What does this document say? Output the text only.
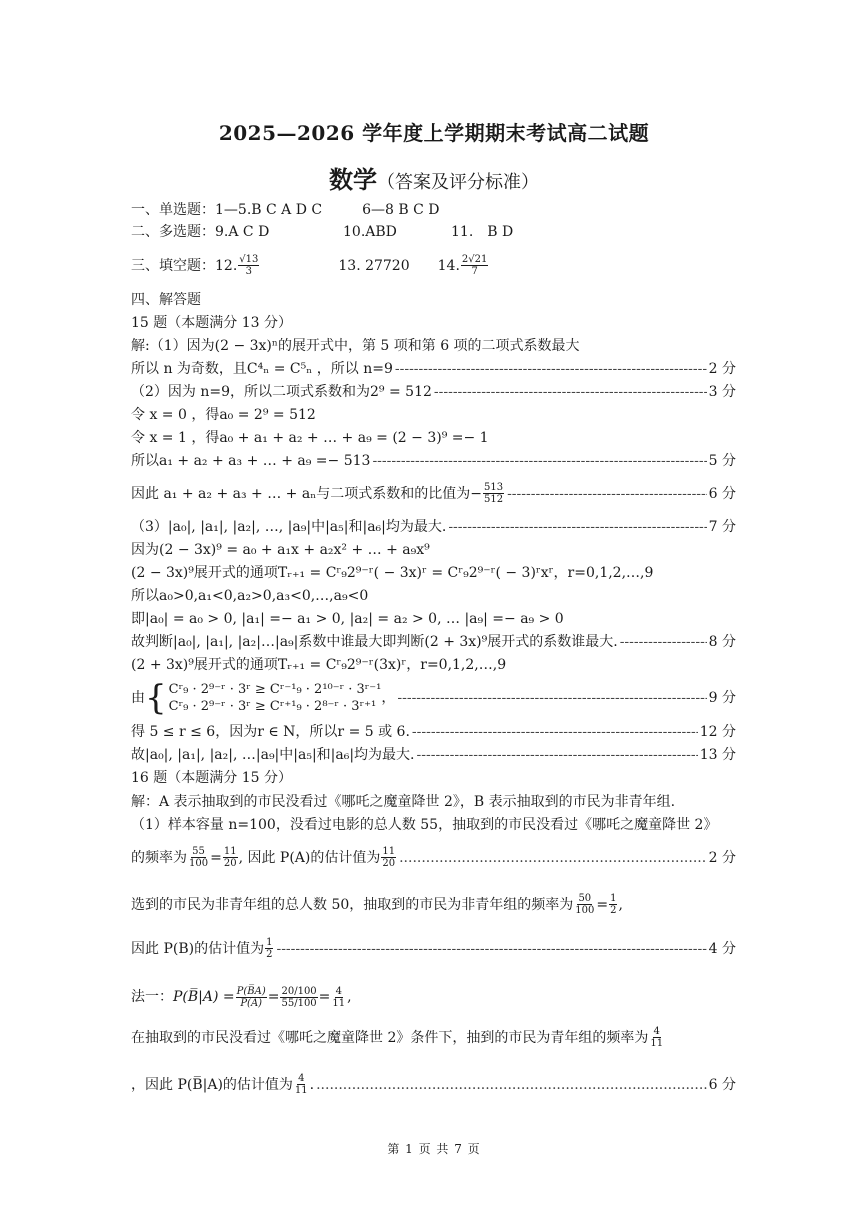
2025—2026 学年度上学期期末考试高二试题
数学（答案及评分标准）
一、单选题：1—5.B C A D C	6—8 B C D
二、多选题：9.A C D	10.ABD	11.　B D
三、填空题： 12. $\frac{√13}{3}$	13. 27720 14. $\frac{2√21}{7}$
四、解答题
15 题（本题满分 13 分）
解:（1）因为(2 − 3x)ⁿ的展开式中，第 5 项和第 6 项的二项式系数最大
所以 n 为奇数，且C⁴ₙ = C⁵ₙ ，所以 n=9 -----	2 分
（2）因为 n=9，所以二项式系数和为2⁹ = 512 -----	3 分
令 x = 0 ，得a₀ = 2⁹ = 512
令 x = 1 ，得a₀ + a₁ + a₂ + … + a₉ = (2 − 3)⁹ =− 1
所以a₁ + a₂ + a₃ + … + a₉ =− 513 -----	5 分
因此 a₁ + a₂ + a₃ + … + aₙ与二项式系数和的比值为− $\frac{513}{512}$ -----	6 分
（3）|a₀|, |a₁|, |a₂|, …, |a₉|中|a₅|和|a₆|均为最大. -----	7 分
因为(2 − 3x)⁹ = a₀ + a₁x + a₂x² + … + a₉x⁹
(2 − 3x)⁹展开式的通项Tᵣ₊₁ = Cʳ₉2⁹⁻ʳ( − 3x)ʳ = Cʳ₉2⁹⁻ʳ( − 3)ʳxʳ，r=0,1,2,…,9
所以a₀>0,a₁<0,a₂>0,a₃<0,…,a₉<0
即|a₀| = a₀ > 0, |a₁| =− a₁ > 0, |a₂| = a₂ > 0, … |a₉| =− a₉ > 0
故判断|a₀|, |a₁|, |a₂|…|a₉|系数中谁最大即判断(2 + 3x)⁹展开式的系数谁最大. -----	8 分
(2 + 3x)⁹展开式的通项Tᵣ₊₁ = Cʳ₉2⁹⁻ʳ(3x)ʳ，r=0,1,2,…,9
由 { Cʳ₉ · 2⁹⁻ʳ · 3ʳ ≥ Cʳ⁻¹₉ · 2¹⁰⁻ʳ · 3ʳ⁻¹
Cʳ₉ · 2⁹⁻ʳ · 3ʳ ≥ Cʳ⁺¹₉ · 2⁸⁻ʳ · 3ʳ⁺¹
， -----	9 分
得 5 ≤ r ≤ 6，因为r ∈ N，所以r = 5 或 6. -----	12 分
故|a₀|, |a₁|, |a₂|, …|a₉|中|a₅|和|a₆|均为最大. -----	13 分
16 题（本题满分 15 分）
解：A 表示抽取到的市民没看过《哪吒之魔童降世 2》，B 表示抽取到的市民为非青年组.
（1）样本容量 n=100，没看过电影的总人数 55，抽取到的市民没看过《哪吒之魔童降世 2》
的频率为 $\frac{55}{100} = \frac{11}{20}$ , 因此 P(A)的估计值为 $\frac{11}{20}$ .....	2 分
选到的市民为非青年组的总人数 50，抽取到的市民为非青年组的频率为 $\frac{50}{100} = \frac{1}{2}$ ,
因此 P(B)的估计值为 $\frac{1}{2}$ -----	4 分
法一： P(B̅|A) = $\frac{P(B̅A)}{P(A)} = \frac{20/100}{55/100} = \frac{4}{11}$ ,
在抽取到的市民没看过《哪吒之魔童降世 2》条件下，抽到的市民为青年组的频率为 $\frac{4}{11}$
，因此 P(B̅|A)的估计值为 $\frac{4}{11}$ . .....	6 分
第 1 页 共 7 页
